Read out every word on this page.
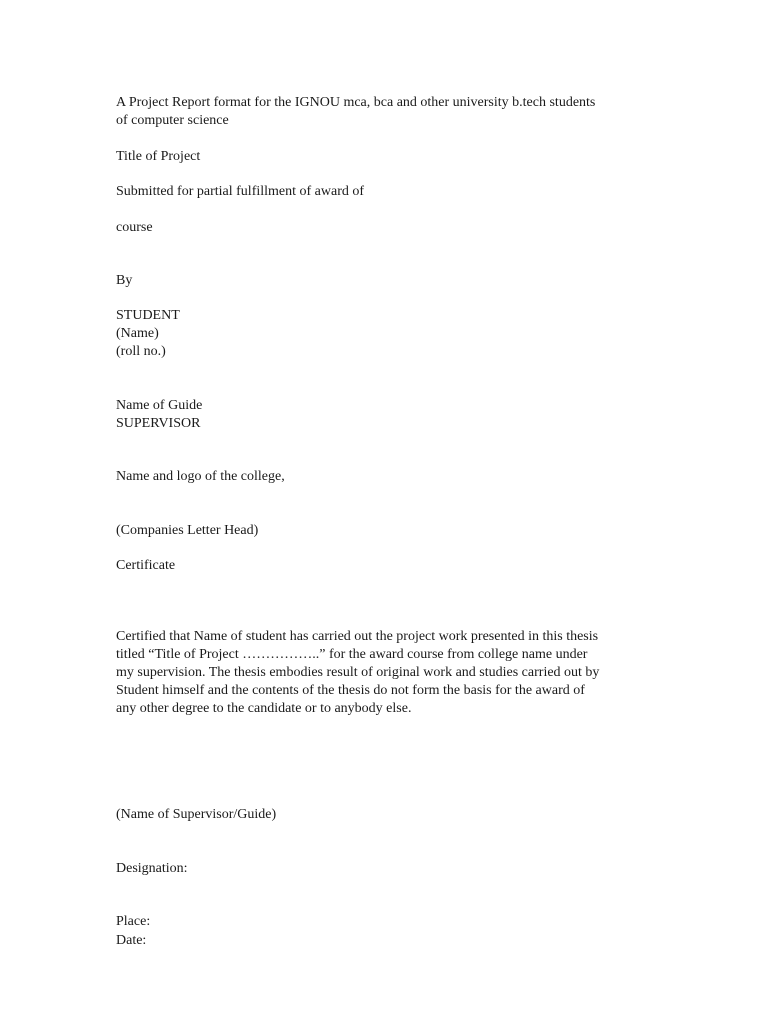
A Project Report format for the IGNOU mca, bca and other university b.tech students
of computer science
Title of Project
Submitted for partial fulfillment of award of
course
By
STUDENT
(Name)
(roll no.)
Name of Guide
SUPERVISOR
Name and logo of the college,
(Companies Letter Head)
Certificate
Certified that Name of student has carried out the project work presented in this thesis
titled “Title of Project ……………..” for the award course from college name under
my supervision. The thesis embodies result of original work and studies carried out by
Student himself and the contents of the thesis do not form the basis for the award of
any other degree to the candidate or to anybody else.
(Name of Supervisor/Guide)
Designation:
Place:
Date:
